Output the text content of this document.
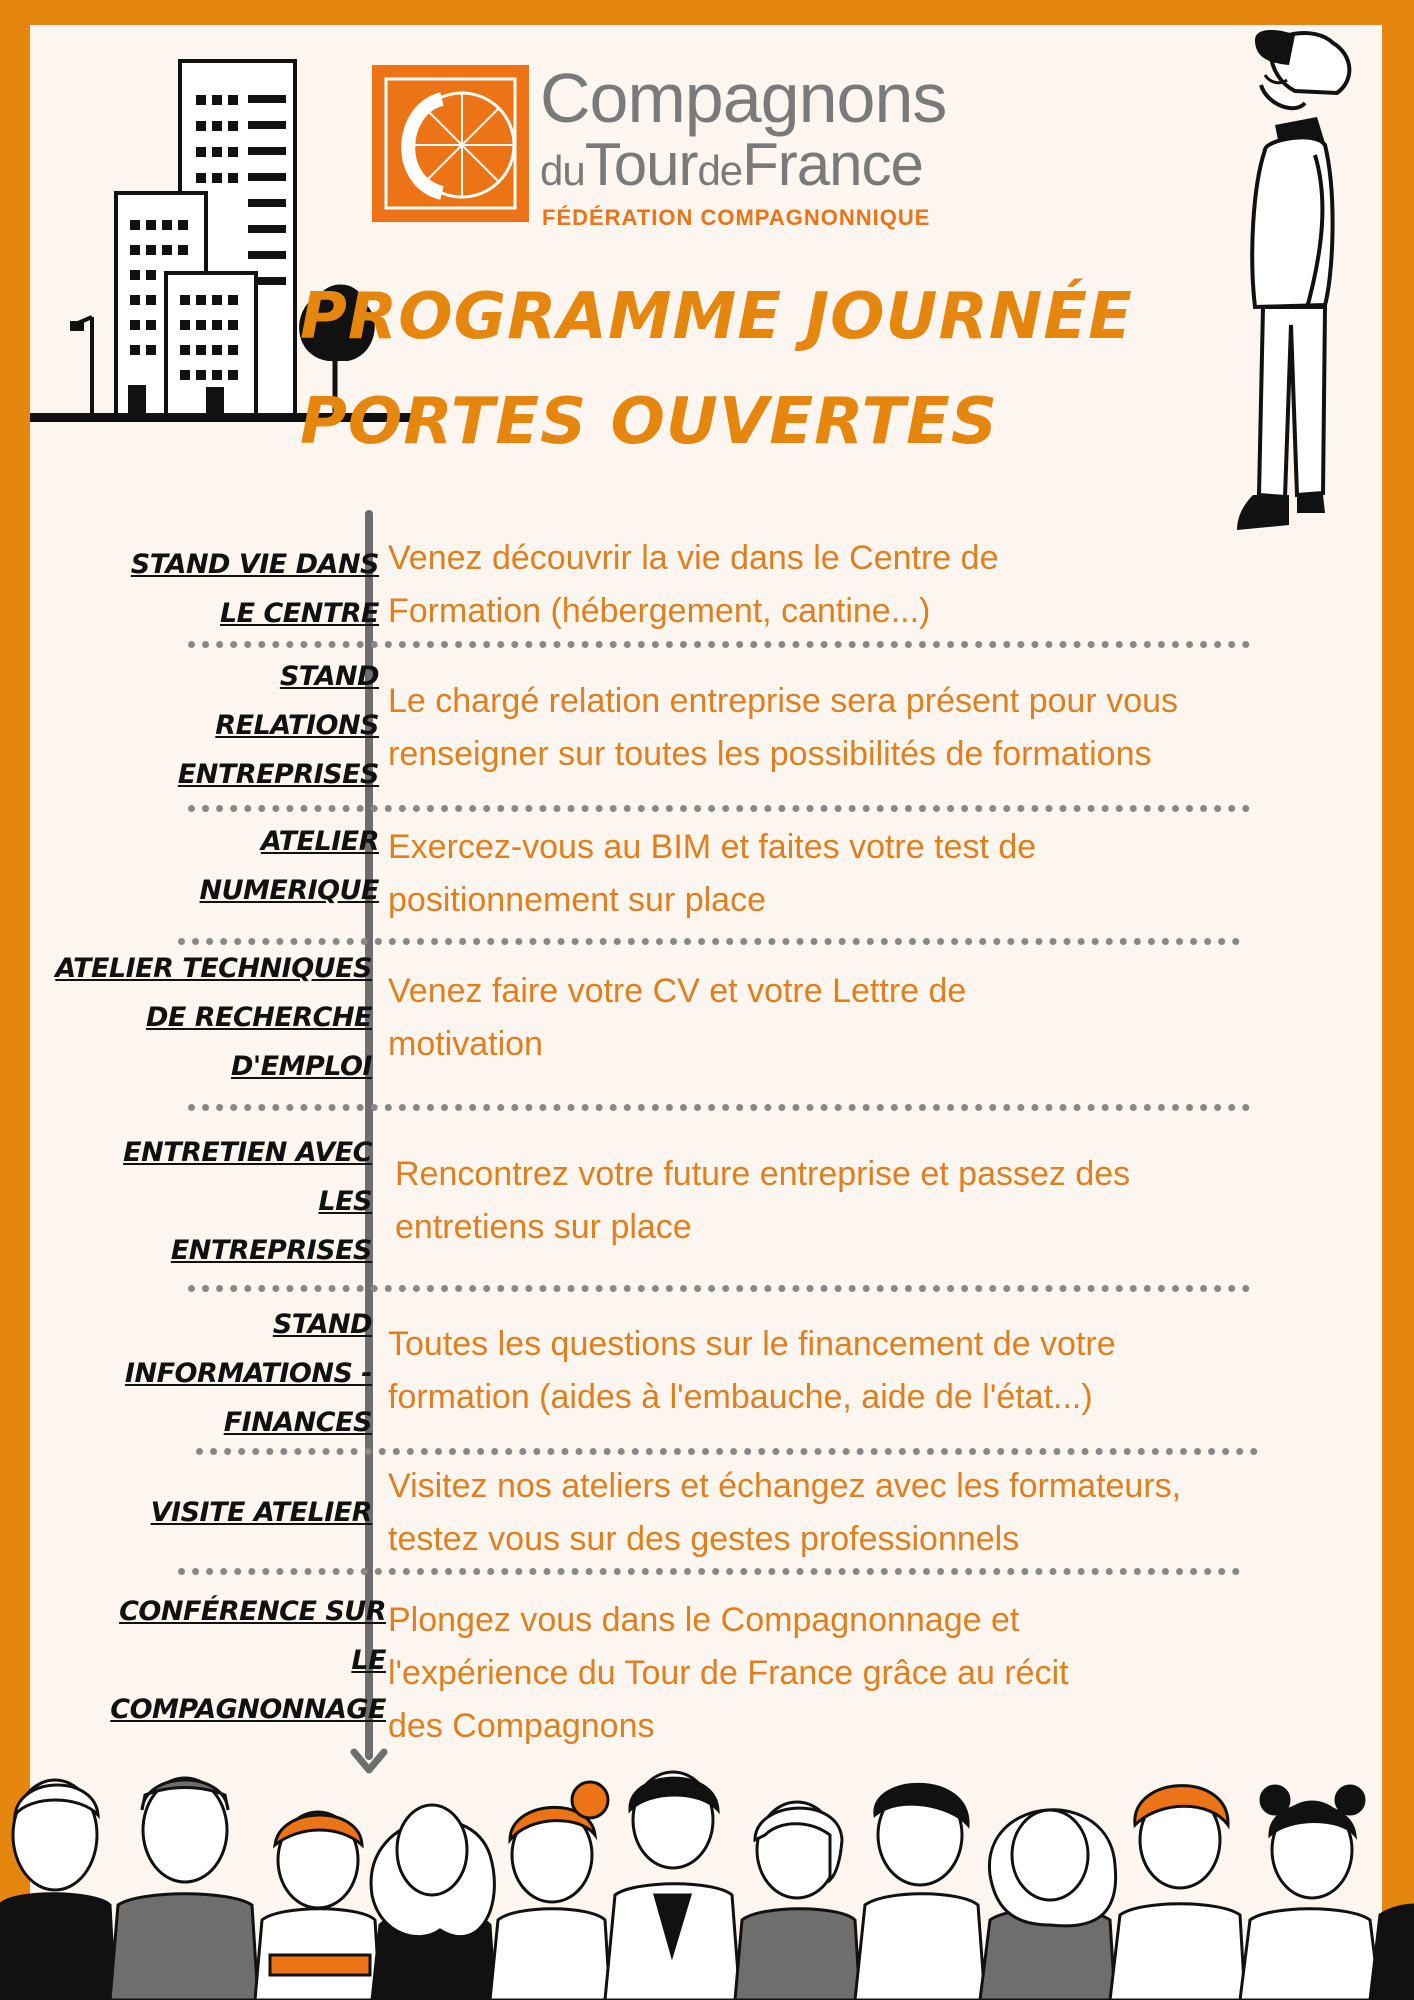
Compagnons
duTourdeFrance
FÉDÉRATION COMPAGNONNIQUE
PROGRAMME JOURNÉE
PORTES OUVERTES
STAND VIE DANS
LE CENTRE
Venez découvrir la vie dans le Centre de
Formation (hébergement, cantine...)
STAND
RELATIONS
ENTREPRISES
Le chargé relation entreprise sera présent pour vous
renseigner sur toutes les possibilités de formations
ATELIER
NUMERIQUE
Exercez-vous au BIM et faites votre test de
positionnement sur place
ATELIER TECHNIQUES
DE RECHERCHE
D'EMPLOI
Venez faire votre CV et votre Lettre de
motivation
ENTRETIEN AVEC
LES
ENTREPRISES
Rencontrez votre future entreprise et passez des
entretiens sur place
STAND
INFORMATIONS -
FINANCES
Toutes les questions sur le financement de votre
formation (aides à l'embauche, aide de l'état...)
VISITE ATELIER
Visitez nos ateliers et échangez avec les formateurs,
testez vous sur des gestes professionnels
CONFÉRENCE SUR
LE
COMPAGNONNAGE
Plongez vous dans le Compagnonnage et
l'expérience du Tour de France grâce au récit
des Compagnons
